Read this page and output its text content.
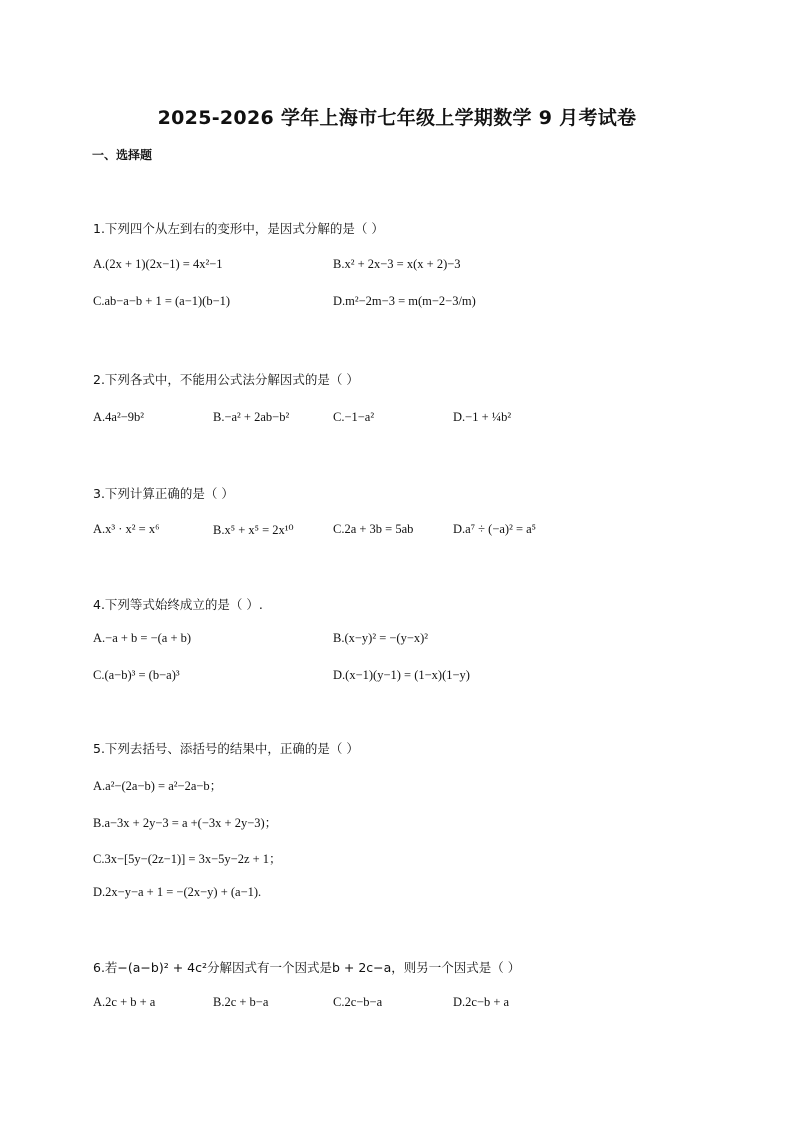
2025-2026 学年上海市七年级上学期数学 9 月考试卷
一、选择题
1.下列四个从左到右的变形中，是因式分解的是（ ）
A.(2x + 1)(2x−1) = 4x²−1	B.x² + 2x−3 = x(x + 2)−3
C.ab−a−b + 1 = (a−1)(b−1)	D.m²−2m−3 = m(m−2−3/m)
2.下列各式中，不能用公式法分解因式的是（ ）
A.4a²−9b²	B.−a² + 2ab−b²	C.−1−a²	D.−1 + ¼b²
3.下列计算正确的是（ ）
A.x³ · x² = x⁶	B.x⁵ + x⁵ = 2x¹⁰	C.2a + 3b = 5ab	D.a⁷ ÷ (−a)² = a⁵
4.下列等式始终成立的是（ ）.
A.−a + b = −(a + b)	B.(x−y)² = −(y−x)²
C.(a−b)³ = (b−a)³	D.(x−1)(y−1) = (1−x)(1−y)
5.下列去括号、添括号的结果中，正确的是（ ）
A.a²−(2a−b) = a²−2a−b；
B.a−3x + 2y−3 = a +(−3x + 2y−3)；
C.3x−[5y−(2z−1)] = 3x−5y−2z + 1；
D.2x−y−a + 1 = −(2x−y) + (a−1).
6.若−(a−b)² + 4c²分解因式有一个因式是b + 2c−a，则另一个因式是（ ）
A.2c + b + a	B.2c + b−a	C.2c−b−a	D.2c−b + a
